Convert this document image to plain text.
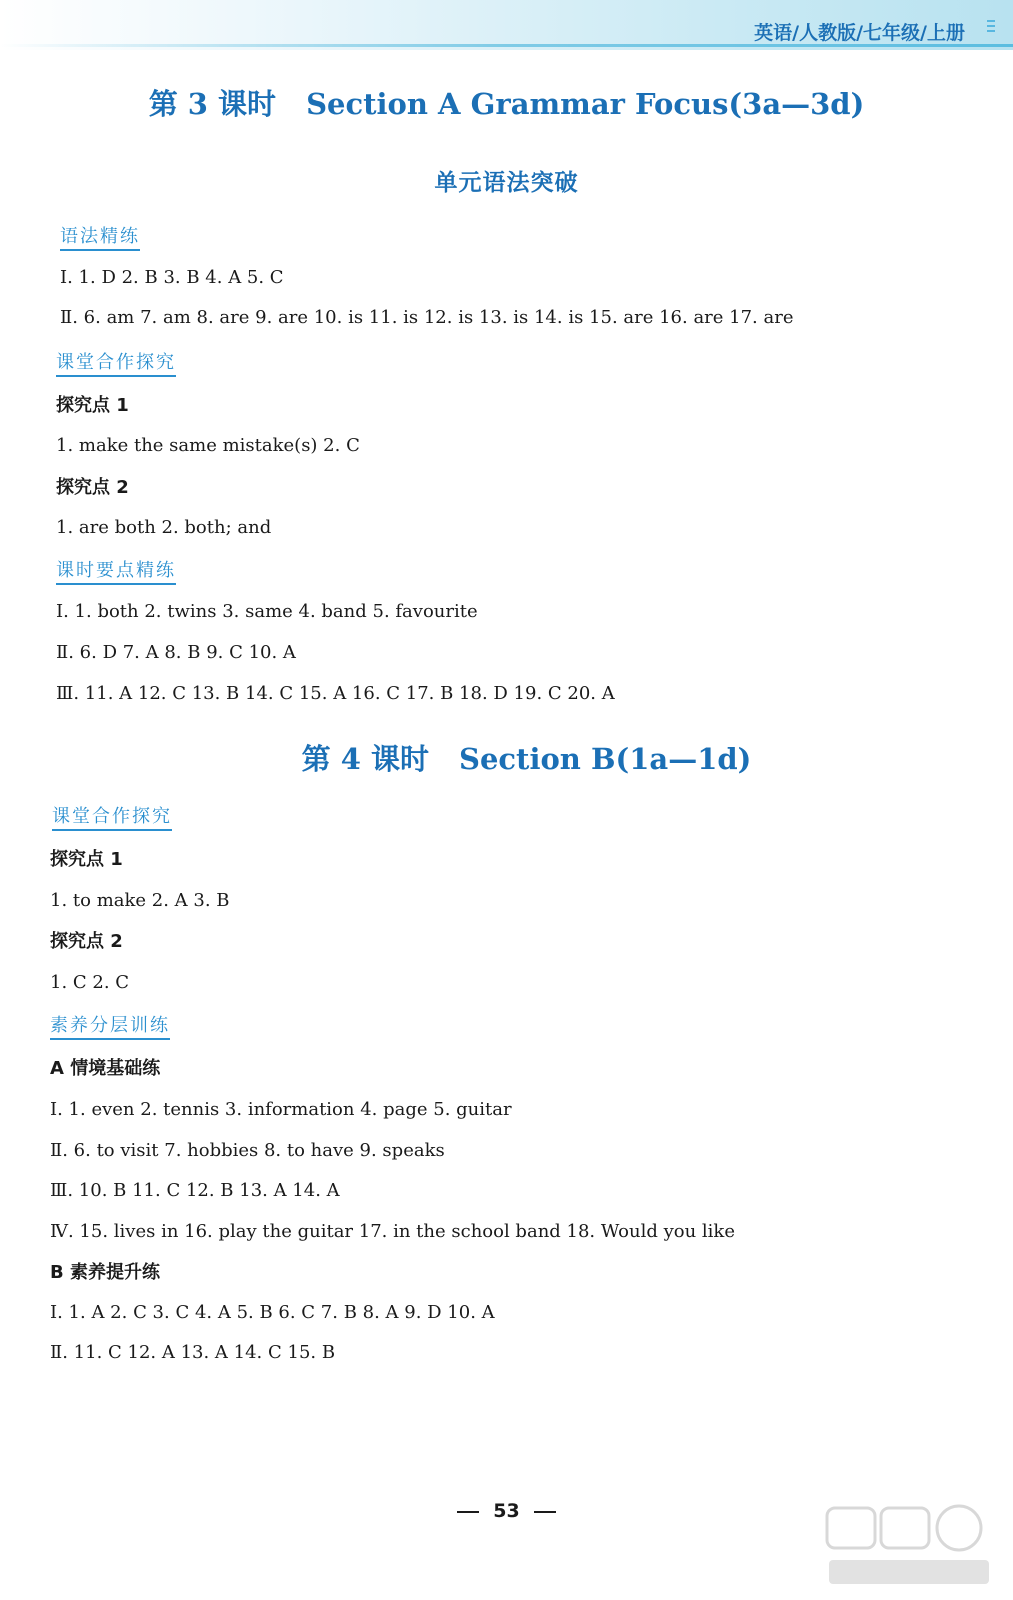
英语/人教版/七年级/上册
第 3 课时 Section A Grammar Focus(3a—3d)
单元语法突破
语法精练
Ⅰ. 1. D 2. B 3. B 4. A 5. C
Ⅱ. 6. am 7. am 8. are 9. are 10. is 11. is 12. is 13. is 14. is 15. are 16. are 17. are
课堂合作探究
探究点 1
1. make the same mistake(s) 2. C
探究点 2
1. are both 2. both; and
课时要点精练
Ⅰ. 1. both 2. twins 3. same 4. band 5. favourite
Ⅱ. 6. D 7. A 8. B 9. C 10. A
Ⅲ. 11. A 12. C 13. B 14. C 15. A 16. C 17. B 18. D 19. C 20. A
第 4 课时 Section B(1a—1d)
课堂合作探究
探究点 1
1. to make 2. A 3. B
探究点 2
1. C 2. C
素养分层训练
A 情境基础练
Ⅰ. 1. even 2. tennis 3. information 4. page 5. guitar
Ⅱ. 6. to visit 7. hobbies 8. to have 9. speaks
Ⅲ. 10. B 11. C 12. B 13. A 14. A
Ⅳ. 15. lives in 16. play the guitar 17. in the school band 18. Would you like
B 素养提升练
Ⅰ. 1. A 2. C 3. C 4. A 5. B 6. C 7. B 8. A 9. D 10. A
Ⅱ. 11. C 12. A 13. A 14. C 15. B
53
